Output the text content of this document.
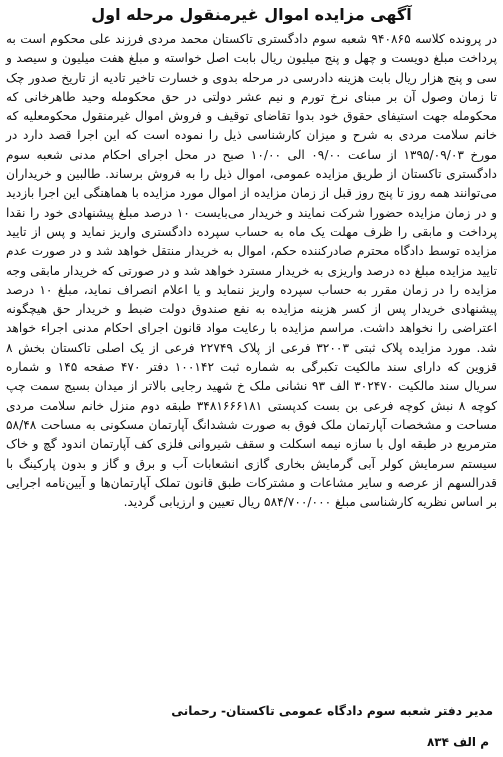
آگهی مزایده اموال غیرمنقول مرحله اول

در پرونده کلاسه ۹۴۰۸۶۵ شعبه سوم دادگستری تاکستان محمد مردی فرزند علی محکوم است به پرداخت مبلغ دویست و چهل و پنج میلیون ریال بابت اصل خواسته و مبلغ هفت میلیون و سیصد و سی و پنج هزار ریال بابت هزینه دادرسی در مرحله بدوی و خسارت تاخیر تادیه از تاریخ صدور چک تا زمان وصول آن بر مبنای نرخ تورم و نیم عشر دولتی در حق محکومله وحید طاهرخانی که محکومله جهت استیفای حقوق خود بدوا تقاضای توقیف و فروش اموال غیرمنقول محکومعلیه که خانم سلامت مردی به شرح و میزان کارشناسی ذیل را نموده است که این اجرا قصد دارد در مورخ ۱۳۹۵/۰۹/۰۳ از ساعت ۰۹/۰۰ الی ۱۰/۰۰ صبح در محل اجرای احکام مدنی شعبه سوم دادگستری تاکستان از طریق مزایده عمومی، اموال ذیل را به فروش برساند. طالبین و خریداران می‌توانند همه روز تا پنج روز قبل از زمان مزایده از اموال مورد مزایده با هماهنگی این اجرا بازدید و در زمان مزایده حضورا شرکت نمایند و خریدار می‌بایست ۱۰ درصد مبلغ پیشنهادی خود را نقدا پرداخت و مابقی را ظرف مهلت یک ماه به حساب سپرده دادگستری واریز نماید و پس از تایید مزایده توسط دادگاه محترم صادرکننده حکم، اموال به خریدار منتقل خواهد شد و در صورت عدم تایید مزایده مبلغ ده درصد واریزی به خریدار مسترد خواهد شد و در صورتی که خریدار مابقی وجه مزایده را در زمان مقرر به حساب سپرده واریز ننماید و یا اعلام انصراف نماید، مبلغ ۱۰ درصد پیشنهادی خریدار پس از کسر هزینه مزایده به نفع صندوق دولت ضبط و خریدار حق هیچگونه اعتراضی را نخواهد داشت. مراسم مزایده با رعایت مواد قانون اجرای احکام مدنی اجراء خواهد شد. مورد مزایده پلاک ثبتی ۳۲۰۰۳ فرعی از پلاک ۲۲۷۴۹ فرعی از یک اصلی تاکستان بخش ۸ قزوین که دارای سند مالکیت تکبرگی به شماره ثبت ۱۰۰۱۴۲ دفتر ۴۷۰ صفحه ۱۴۵ و شماره سریال سند مالکیت ۳۰۲۴۷۰ الف ۹۳ نشانی ملک خ شهید رجایی بالاتر از میدان بسیج سمت چپ کوچه ۸ نبش کوچه فرعی بن بست کدپستی ۳۴۸۱۶۶۶۱۸۱ طبقه دوم منزل خانم سلامت مردی مساحت و مشخصات آپارتمان ملک فوق به صورت ششدانگ آپارتمان مسکونی به مساحت ۵۸/۴۸ مترمربع در طبقه اول با سازه نیمه اسکلت و سقف شیروانی فلزی کف آپارتمان اندود گچ و خاک سیستم سرمایش کولر آبی گرمایش بخاری گازی انشعابات آب و برق و گاز و بدون پارکینگ با قدرالسهم از عرصه و سایر مشاعات و مشترکات طبق قانون تملک آپارتمان‌ها و آیین‌نامه اجرایی بر اساس نظریه کارشناسی مبلغ ۵۸۴/۷۰۰/۰۰۰ ریال تعیین و ارزیابی گردید.

مدیر دفتر شعبه سوم دادگاه عمومی تاکستان- رحمانی

م الف ۸۳۴
